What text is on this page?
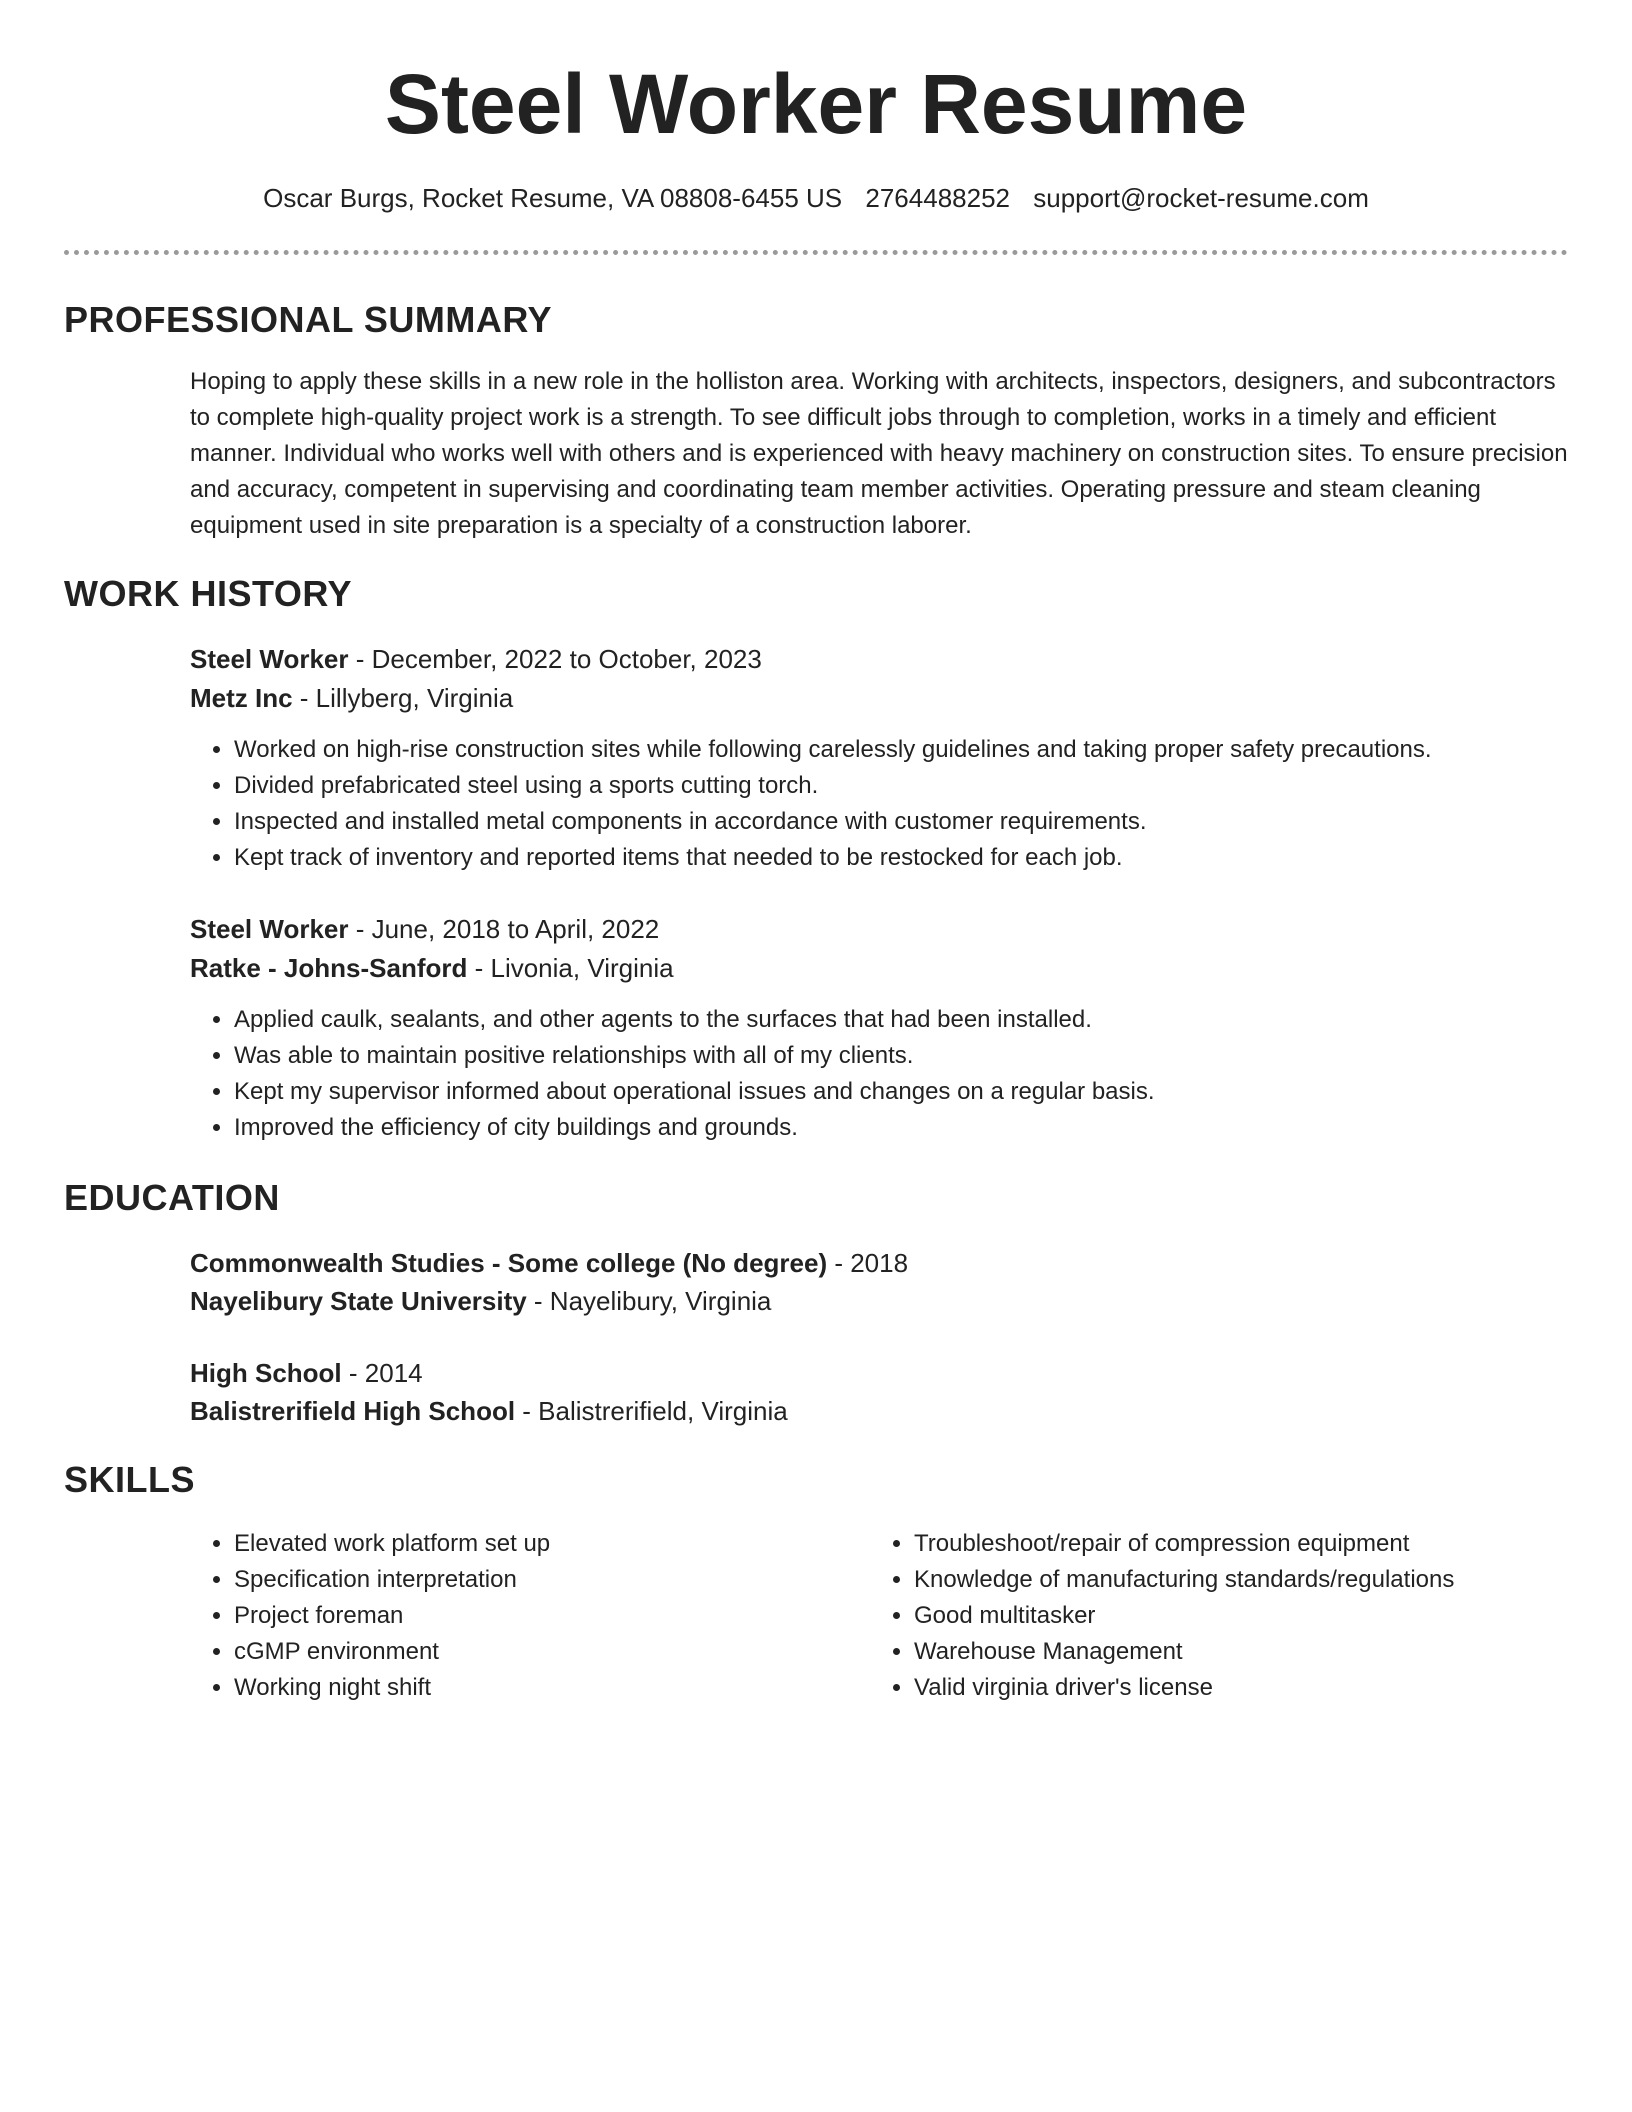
Steel Worker Resume
Oscar Burgs, Rocket Resume, VA 08808-6455 US 2764488252 support@rocket-resume.com
PROFESSIONAL SUMMARY
Hoping to apply these skills in a new role in the holliston area. Working with architects, inspectors, designers, and subcontractors to complete high-quality project work is a strength. To see difficult jobs through to completion, works in a timely and efficient manner. Individual who works well with others and is experienced with heavy machinery on construction sites. To ensure precision and accuracy, competent in supervising and coordinating team member activities. Operating pressure and steam cleaning equipment used in site preparation is a specialty of a construction laborer.
WORK HISTORY
Steel Worker - December, 2022 to October, 2023
Metz Inc - Lillyberg, Virginia
• Worked on high-rise construction sites while following carelessly guidelines and taking proper safety precautions.
• Divided prefabricated steel using a sports cutting torch.
• Inspected and installed metal components in accordance with customer requirements.
• Kept track of inventory and reported items that needed to be restocked for each job.
Steel Worker - June, 2018 to April, 2022
Ratke - Johns-Sanford - Livonia, Virginia
• Applied caulk, sealants, and other agents to the surfaces that had been installed.
• Was able to maintain positive relationships with all of my clients.
• Kept my supervisor informed about operational issues and changes on a regular basis.
• Improved the efficiency of city buildings and grounds.
EDUCATION
Commonwealth Studies - Some college (No degree) - 2018
Nayelibury State University - Nayelibury, Virginia
High School - 2014
Balistrerifield High School - Balistrerifield, Virginia
SKILLS
• Elevated work platform set up
• Specification interpretation
• Project foreman
• cGMP environment
• Working night shift
• Troubleshoot/repair of compression equipment
• Knowledge of manufacturing standards/regulations
• Good multitasker
• Warehouse Management
• Valid virginia driver's license
